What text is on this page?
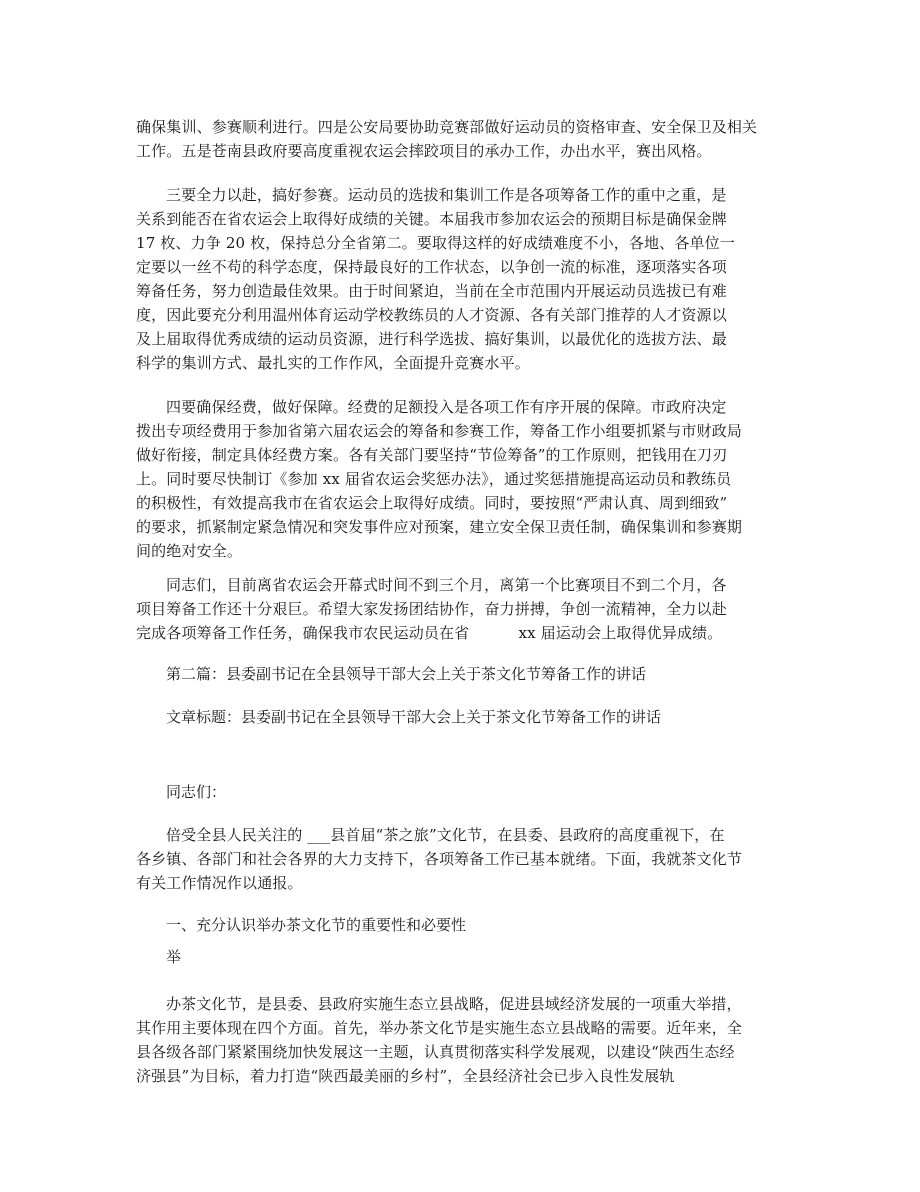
确保集训、参赛顺利进行。四是公安局要协助竞赛部做好运动员的资格审查、安全保卫及相关
工作。五是苍南县政府要高度重视农运会摔跤项目的承办工作，办出水平，赛出风格。
三要全力以赴，搞好参赛。运动员的选拔和集训工作是各项筹备工作的重中之重，是
关系到能否在省农运会上取得好成绩的关键。本届我市参加农运会的预期目标是确保金牌
17 枚、力争 20 枚，保持总分全省第二。要取得这样的好成绩难度不小，各地、各单位一
定要以一丝不苟的科学态度，保持最良好的工作状态，以争创一流的标准，逐项落实各项
筹备任务，努力创造最佳效果。由于时间紧迫，当前在全市范围内开展运动员选拔已有难
度，因此要充分利用温州体育运动学校教练员的人才资源、各有关部门推荐的人才资源以
及上届取得优秀成绩的运动员资源，进行科学选拔、搞好集训，以最优化的选拔方法、最
科学的集训方式、最扎实的工作作风，全面提升竞赛水平。
四要确保经费，做好保障。经费的足额投入是各项工作有序开展的保障。市政府决定
拨出专项经费用于参加省第六届农运会的筹备和参赛工作，筹备工作小组要抓紧与市财政局
做好衔接，制定具体经费方案。各有关部门要坚持“节俭筹备”的工作原则，把钱用在刀刃
上。同时要尽快制订《参加 xx 届省农运会奖惩办法》，通过奖惩措施提高运动员和教练员
的积极性，有效提高我市在省农运会上取得好成绩。同时，要按照“严肃认真、周到细致”
的要求，抓紧制定紧急情况和突发事件应对预案，建立安全保卫责任制，确保集训和参赛期
间的绝对安全。
同志们，目前离省农运会开幕式时间不到三个月，离第一个比赛项目不到二个月，各
项目筹备工作还十分艰巨。希望大家发扬团结协作，奋力拼搏，争创一流精神，全力以赴
完成各项筹备工作任务，确保我市农民运动员在省          xx 届运动会上取得优异成绩。

第二篇：县委副书记在全县领导干部大会上关于茶文化节筹备工作的讲话

文章标题：县委副书记在全县领导干部大会上关于茶文化节筹备工作的讲话

同志们：

倍受全县人民关注的 ___县首届“茶之旅”文化节，在县委、县政府的高度重视下，在
各乡镇、各部门和社会各界的大力支持下，各项筹备工作已基本就绪。下面，我就茶文化节
有关工作情况作以通报。

一、充分认识举办茶文化节的重要性和必要性

举

办茶文化节，是县委、县政府实施生态立县战略，促进县域经济发展的一项重大举措，
其作用主要体现在四个方面。首先，举办茶文化节是实施生态立县战略的需要。近年来，全
县各级各部门紧紧围绕加快发展这一主题，认真贯彻落实科学发展观，以建设“陕西生态经
济强县”为目标，着力打造“陕西最美丽的乡村”，全县经济社会已步入良性发展轨
